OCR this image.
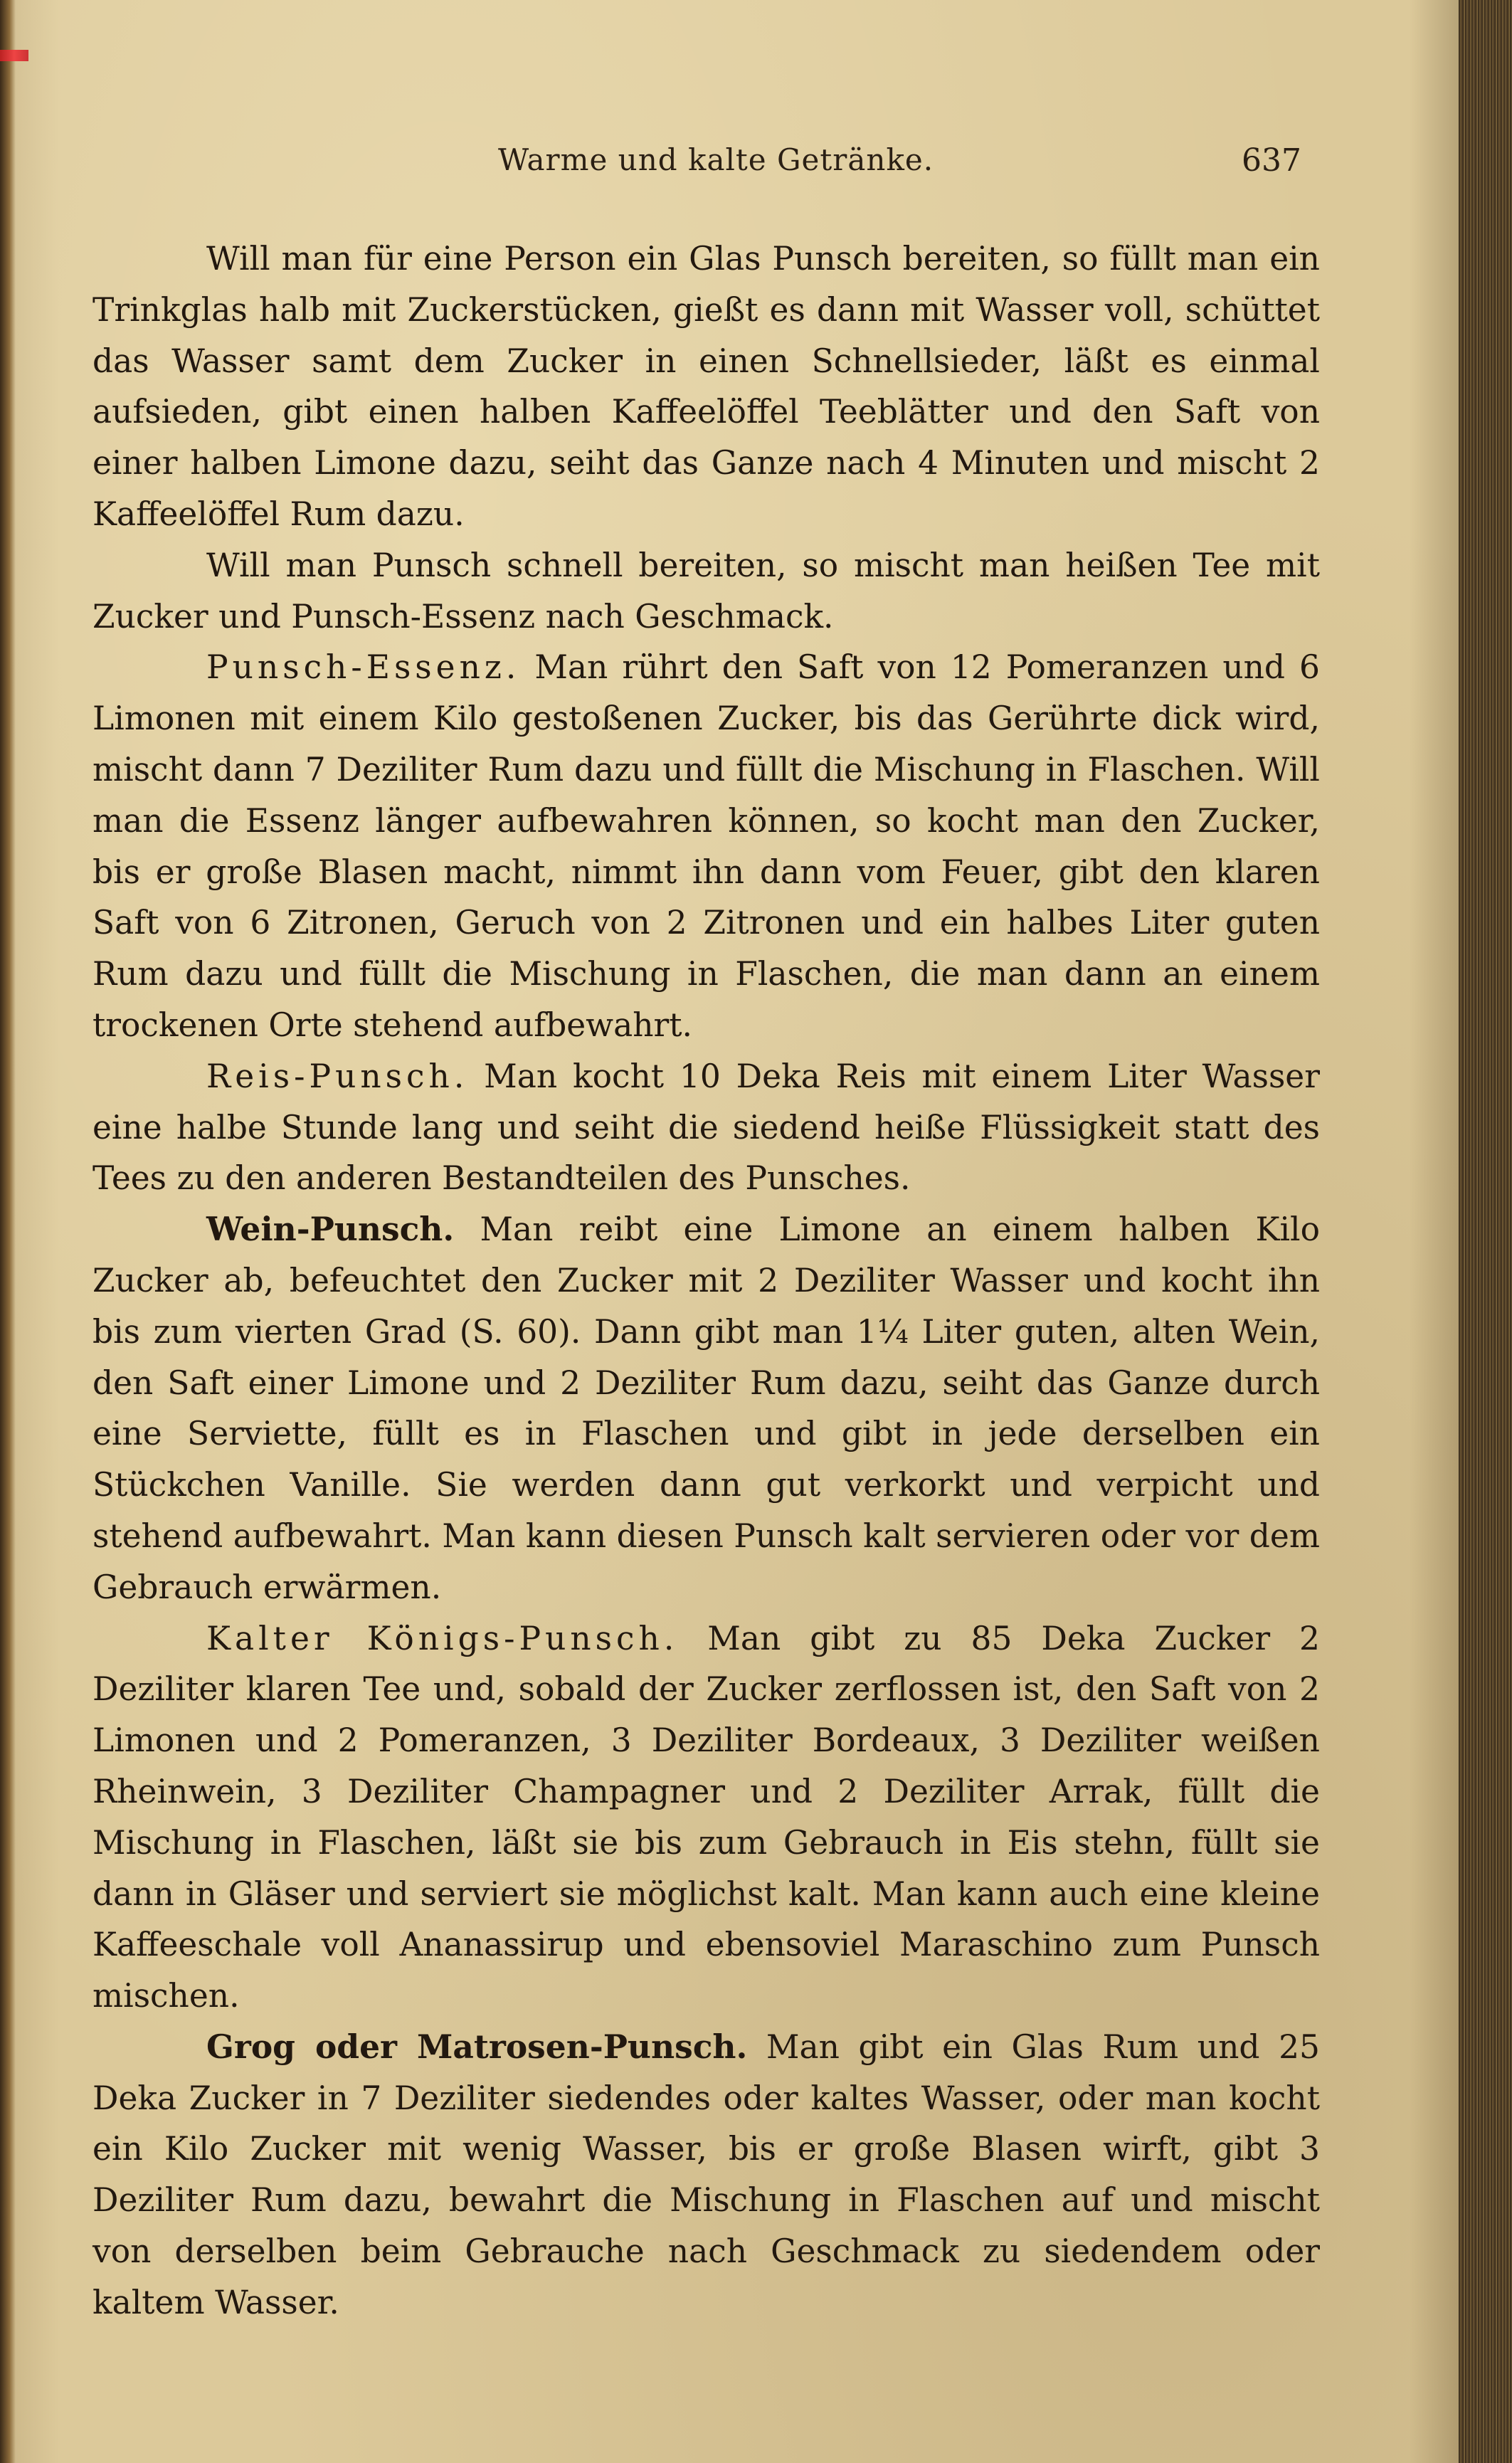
Warme und kalte Getränke.	637

Will man für eine Person ein Glas Punsch bereiten, so füllt man ein Trinkglas halb mit Zuckerstücken, gießt es dann mit Wasser voll, schüttet das Wasser samt dem Zucker in einen Schnellsieder, läßt es einmal aufsieden, gibt einen halben Kaffeelöffel Teeblätter und den Saft von einer halben Limone dazu, seiht das Ganze nach 4 Minuten und mischt 2 Kaffeelöffel Rum dazu.

Will man Punsch schnell bereiten, so mischt man heißen Tee mit Zucker und Punsch-Essenz nach Geschmack.

Punsch-Essenz. Man rührt den Saft von 12 Pomeranzen und 6 Limonen mit einem Kilo gestoßenen Zucker, bis das Gerührte dick wird, mischt dann 7 Deziliter Rum dazu und füllt die Mischung in Flaschen. Will man die Essenz länger aufbewahren können, so kocht man den Zucker, bis er große Blasen macht, nimmt ihn dann vom Feuer, gibt den klaren Saft von 6 Zitronen, Geruch von 2 Zitronen und ein halbes Liter guten Rum dazu und füllt die Mischung in Flaschen, die man dann an einem trockenen Orte stehend aufbewahrt.

Reis-Punsch. Man kocht 10 Deka Reis mit einem Liter Wasser eine halbe Stunde lang und seiht die siedend heiße Flüssigkeit statt des Tees zu den anderen Bestandteilen des Punsches.

Wein-Punsch. Man reibt eine Limone an einem halben Kilo Zucker ab, befeuchtet den Zucker mit 2 Deziliter Wasser und kocht ihn bis zum vierten Grad (S. 60). Dann gibt man 1¼ Liter guten, alten Wein, den Saft einer Limone und 2 Deziliter Rum dazu, seiht das Ganze durch eine Serviette, füllt es in Flaschen und gibt in jede derselben ein Stückchen Vanille. Sie werden dann gut verkorkt und verpicht und stehend aufbewahrt. Man kann diesen Punsch kalt servieren oder vor dem Gebrauch erwärmen.

Kalter Königs-Punsch. Man gibt zu 85 Deka Zucker 2 Deziliter klaren Tee und, sobald der Zucker zerflossen ist, den Saft von 2 Limonen und 2 Pomeranzen, 3 Deziliter Bordeaux, 3 Deziliter weißen Rheinwein, 3 Deziliter Champagner und 2 Deziliter Arrak, füllt die Mischung in Flaschen, läßt sie bis zum Gebrauch in Eis stehn, füllt sie dann in Gläser und serviert sie möglichst kalt. Man kann auch eine kleine Kaffeeschale voll Ananassirup und ebensoviel Maraschino zum Punsch mischen.

Grog oder Matrosen-Punsch. Man gibt ein Glas Rum und 25 Deka Zucker in 7 Deziliter siedendes oder kaltes Wasser, oder man kocht ein Kilo Zucker mit wenig Wasser, bis er große Blasen wirft, gibt 3 Deziliter Rum dazu, bewahrt die Mischung in Flaschen auf und mischt von derselben beim Gebrauche nach Geschmack zu siedendem oder kaltem Wasser.
